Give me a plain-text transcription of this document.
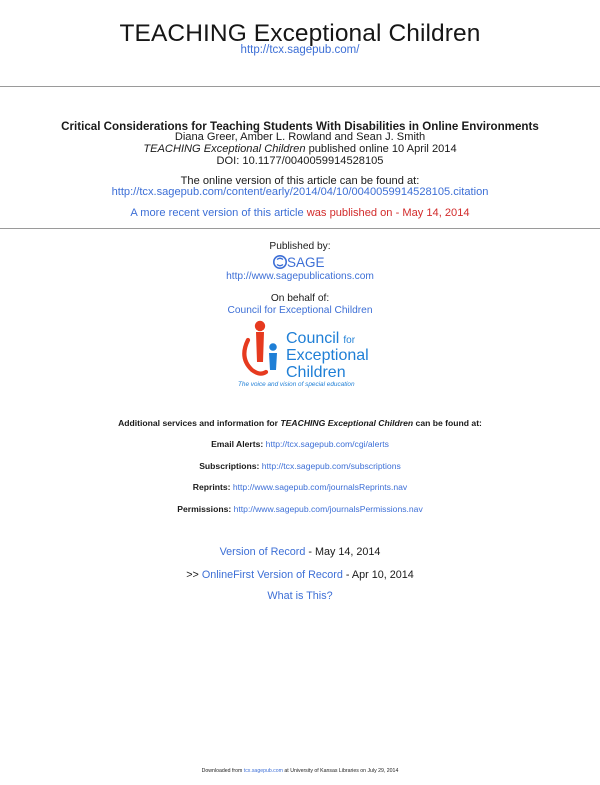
TEACHING Exceptional Children
http://tcx.sagepub.com/
Critical Considerations for Teaching Students With Disabilities in Online Environments
Diana Greer, Amber L. Rowland and Sean J. Smith
TEACHING Exceptional Children published online 10 April 2014
DOI: 10.1177/0040059914528105
The online version of this article can be found at:
http://tcx.sagepub.com/content/early/2014/04/10/0040059914528105.citation
A more recent version of this article was published on - May 14, 2014
Published by:
SAGE
http://www.sagepublications.com
On behalf of:
Council for Exceptional Children
Council for
Exceptional
Children
The voice and vision of special education
Additional services and information for TEACHING Exceptional Children can be found at:
Email Alerts: http://tcx.sagepub.com/cgi/alerts
Subscriptions: http://tcx.sagepub.com/subscriptions
Reprints: http://www.sagepub.com/journalsReprints.nav
Permissions: http://www.sagepub.com/journalsPermissions.nav
Version of Record - May 14, 2014
>> OnlineFirst Version of Record - Apr 10, 2014
What is This?
Downloaded from tcx.sagepub.com at University of Kansas Libraries on July 29, 2014
